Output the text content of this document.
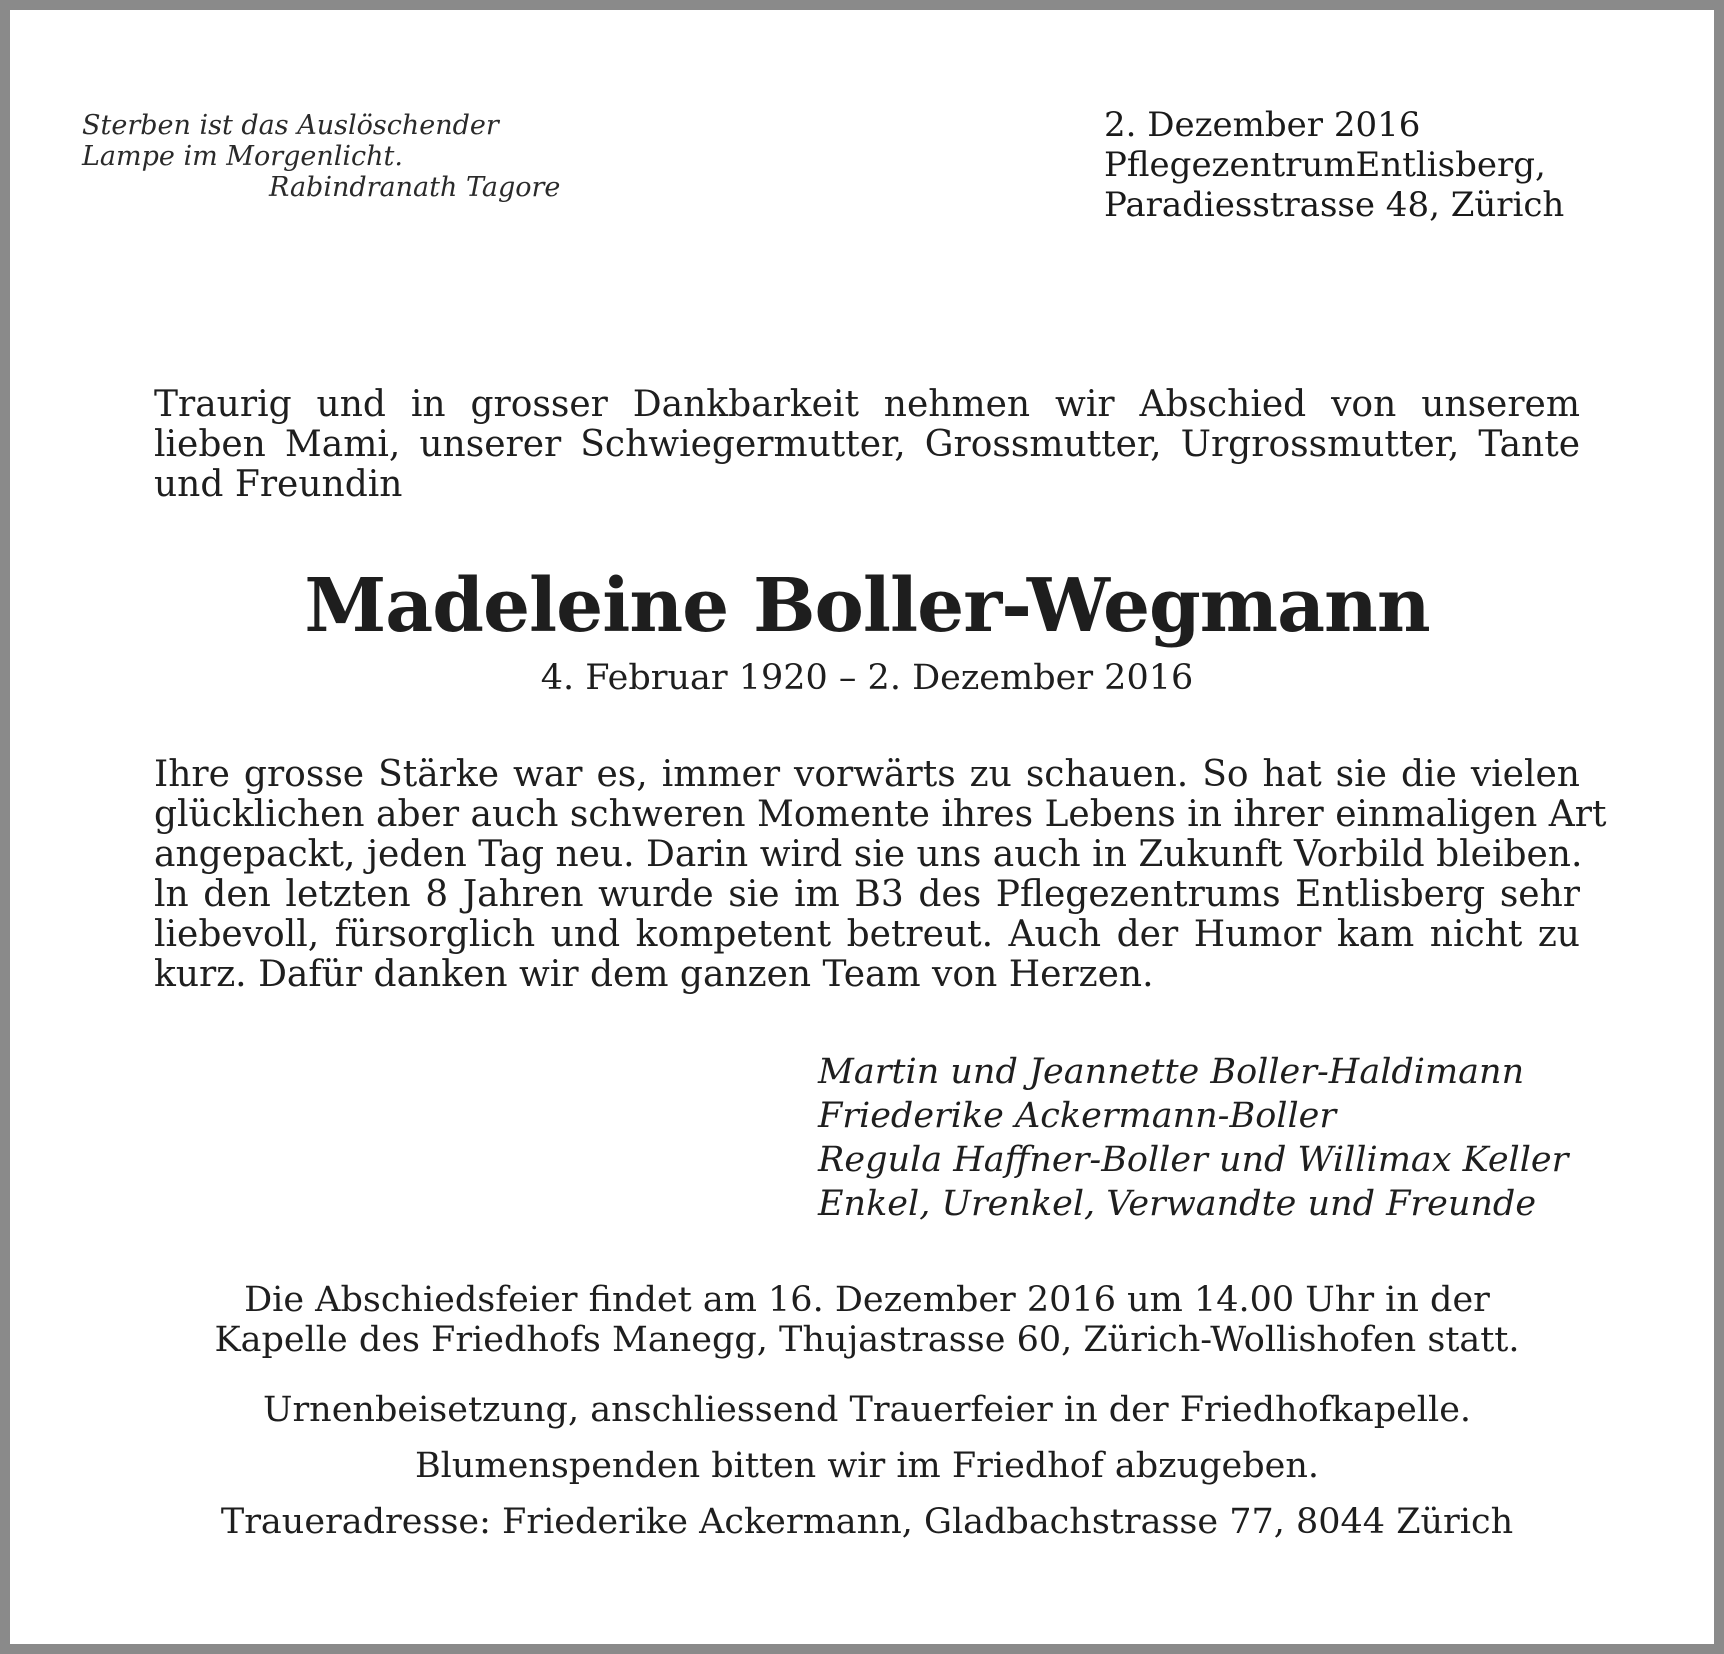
Sterben ist das Auslöschender
Lampe im Morgenlicht.
Rabindranath Tagore
2. Dezember 2016
PflegezentrumEntlisberg,
Paradiesstrasse 48, Zürich
Traurig und in grosser Dankbarkeit nehmen wir Abschied von unserem lieben Mami, unserer Schwiegermutter, Grossmutter, Urgrossmutter, Tante und Freundin
Madeleine Boller-Wegmann
4. Februar 1920 – 2. Dezember 2016
Ihre grosse Stärke war es, immer vorwärts zu schauen. So hat sie die vielen
glücklichen aber auch schweren Momente ihres Lebens in ihrer einmaligen Art
angepackt, jeden Tag neu. Darin wird sie uns auch in Zukunft Vorbild bleiben.
ln den letzten 8 Jahren wurde sie im B3 des Pflegezentrums Entlisberg sehr
liebevoll, fürsorglich und kompetent betreut. Auch der Humor kam nicht zu
kurz. Dafür danken wir dem ganzen Team von Herzen.
Martin und Jeannette Boller-Haldimann
Friederike Ackermann-Boller
Regula Haffner-Boller und Willimax Keller
Enkel, Urenkel, Verwandte und Freunde
Die Abschiedsfeier findet am 16. Dezember 2016 um 14.00 Uhr in der
Kapelle des Friedhofs Manegg, Thujastrasse 60, Zürich-Wollishofen statt.
Urnenbeisetzung, anschliessend Trauerfeier in der Friedhofkapelle.
Blumenspenden bitten wir im Friedhof abzugeben.
Traueradresse: Friederike Ackermann, Gladbachstrasse 77, 8044 Zürich
